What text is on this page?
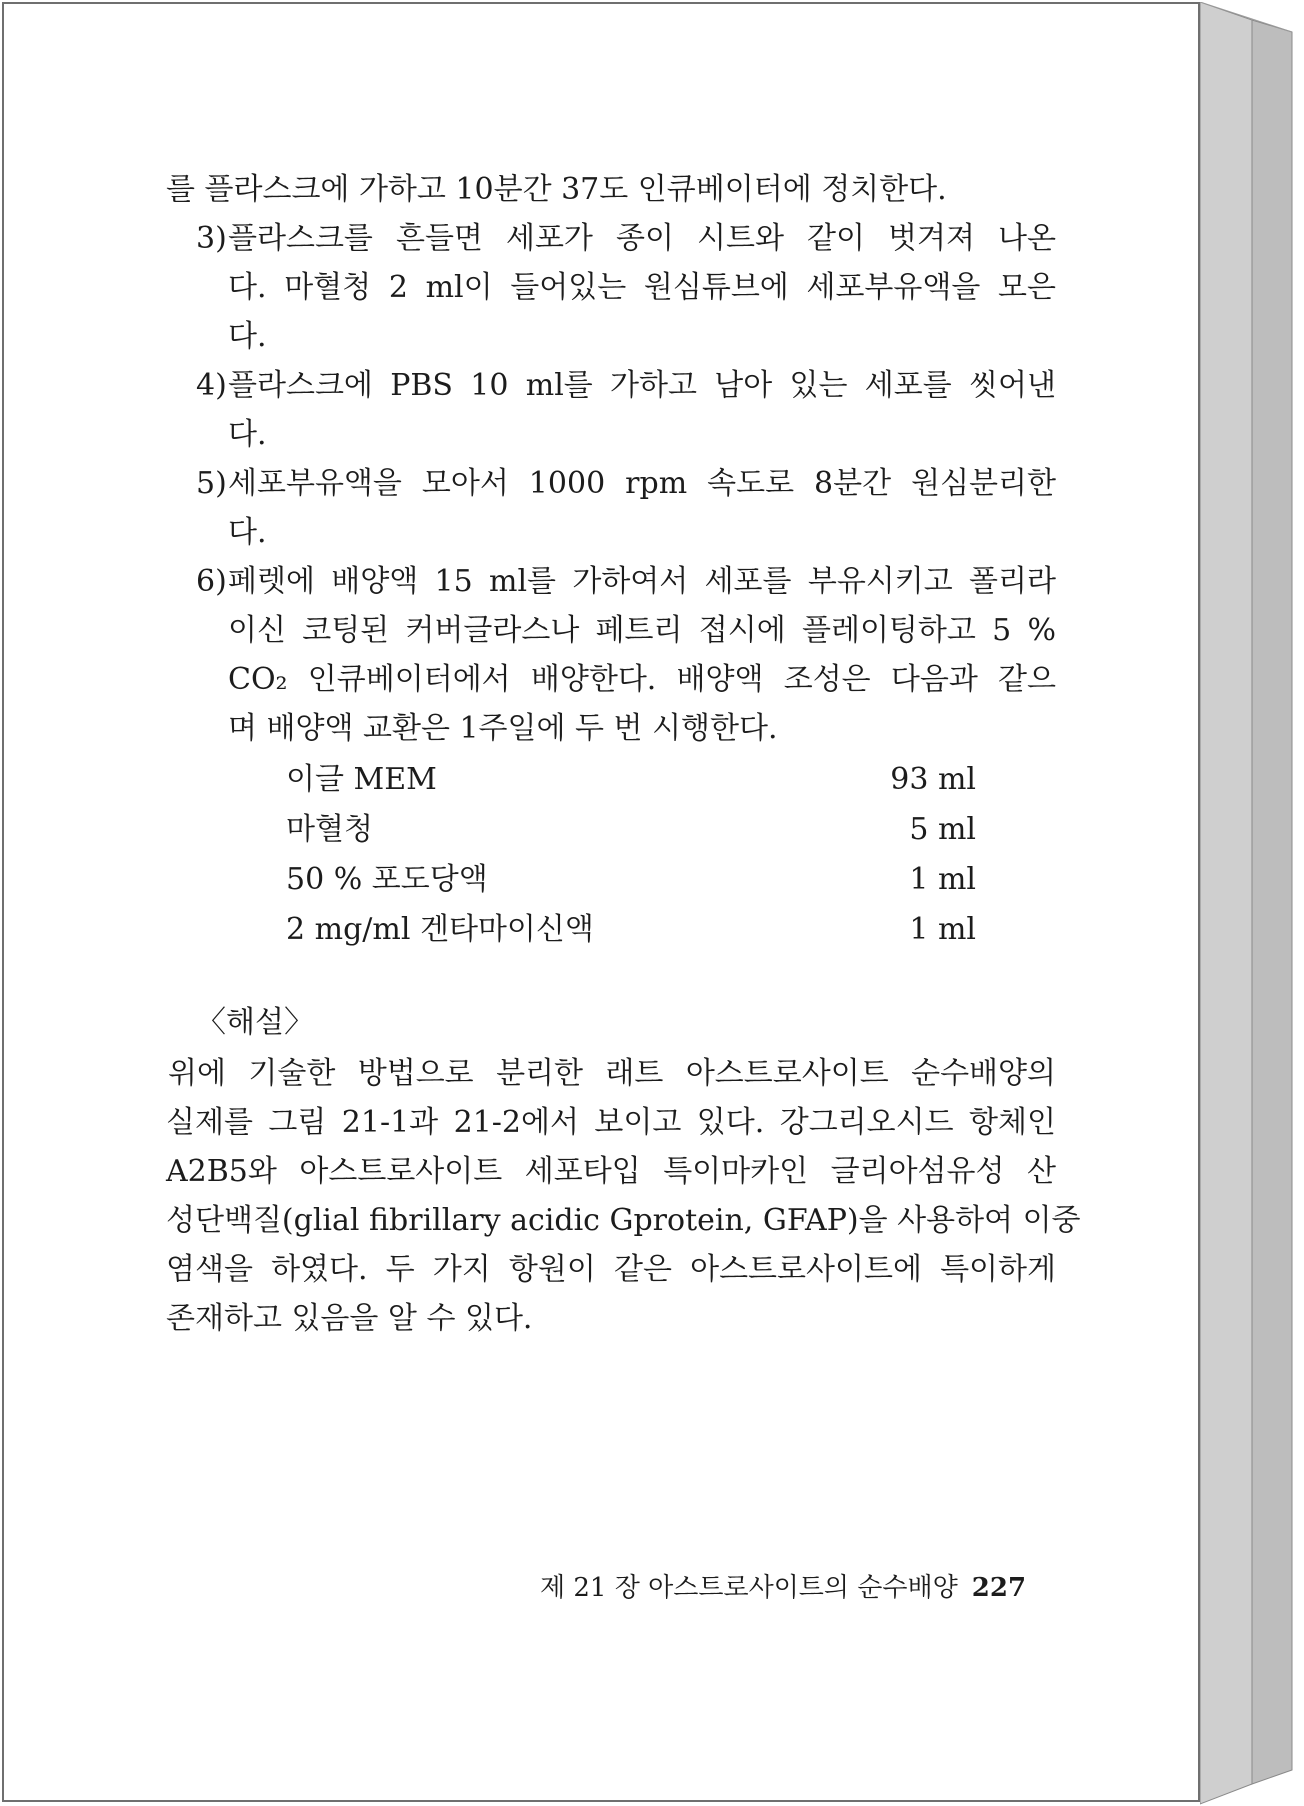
를 플라스크에 가하고 10분간 37도 인큐베이터에 정치한다.
3) 플라스크를 흔들면 세포가 종이 시트와 같이 벗겨져 나온
다. 마혈청 2 ml이 들어있는 원심튜브에 세포부유액을 모은
다.
4) 플라스크에 PBS 10 ml를 가하고 남아 있는 세포를 씻어낸
다.
5) 세포부유액을 모아서 1000 rpm 속도로 8분간 원심분리한
다.
6) 페렛에 배양액 15 ml를 가하여서 세포를 부유시키고 폴리라
이신 코팅된 커버글라스나 페트리 접시에 플레이팅하고 5 %
CO₂ 인큐베이터에서 배양한다. 배양액 조성은 다음과 같으
며 배양액 교환은 1주일에 두 번 시행한다.
이글 MEM	93 ml
마혈청	5 ml
50 % 포도당액	1 ml
2 mg/ml 겐타마이신액	1 ml
〈해설〉
위에 기술한 방법으로 분리한 래트 아스트로사이트 순수배양의
실제를 그림 21-1과 21-2에서 보이고 있다. 강그리오시드 항체인
A2B5와 아스트로사이트 세포타입 특이마카인 글리아섬유성 산
성단백질(glial fibrillary acidic Gprotein, GFAP)을 사용하여 이중
염색을 하였다. 두 가지 항원이 같은 아스트로사이트에 특이하게
존재하고 있음을 알 수 있다.
제 21 장 아스트로사이트의 순수배양 227
